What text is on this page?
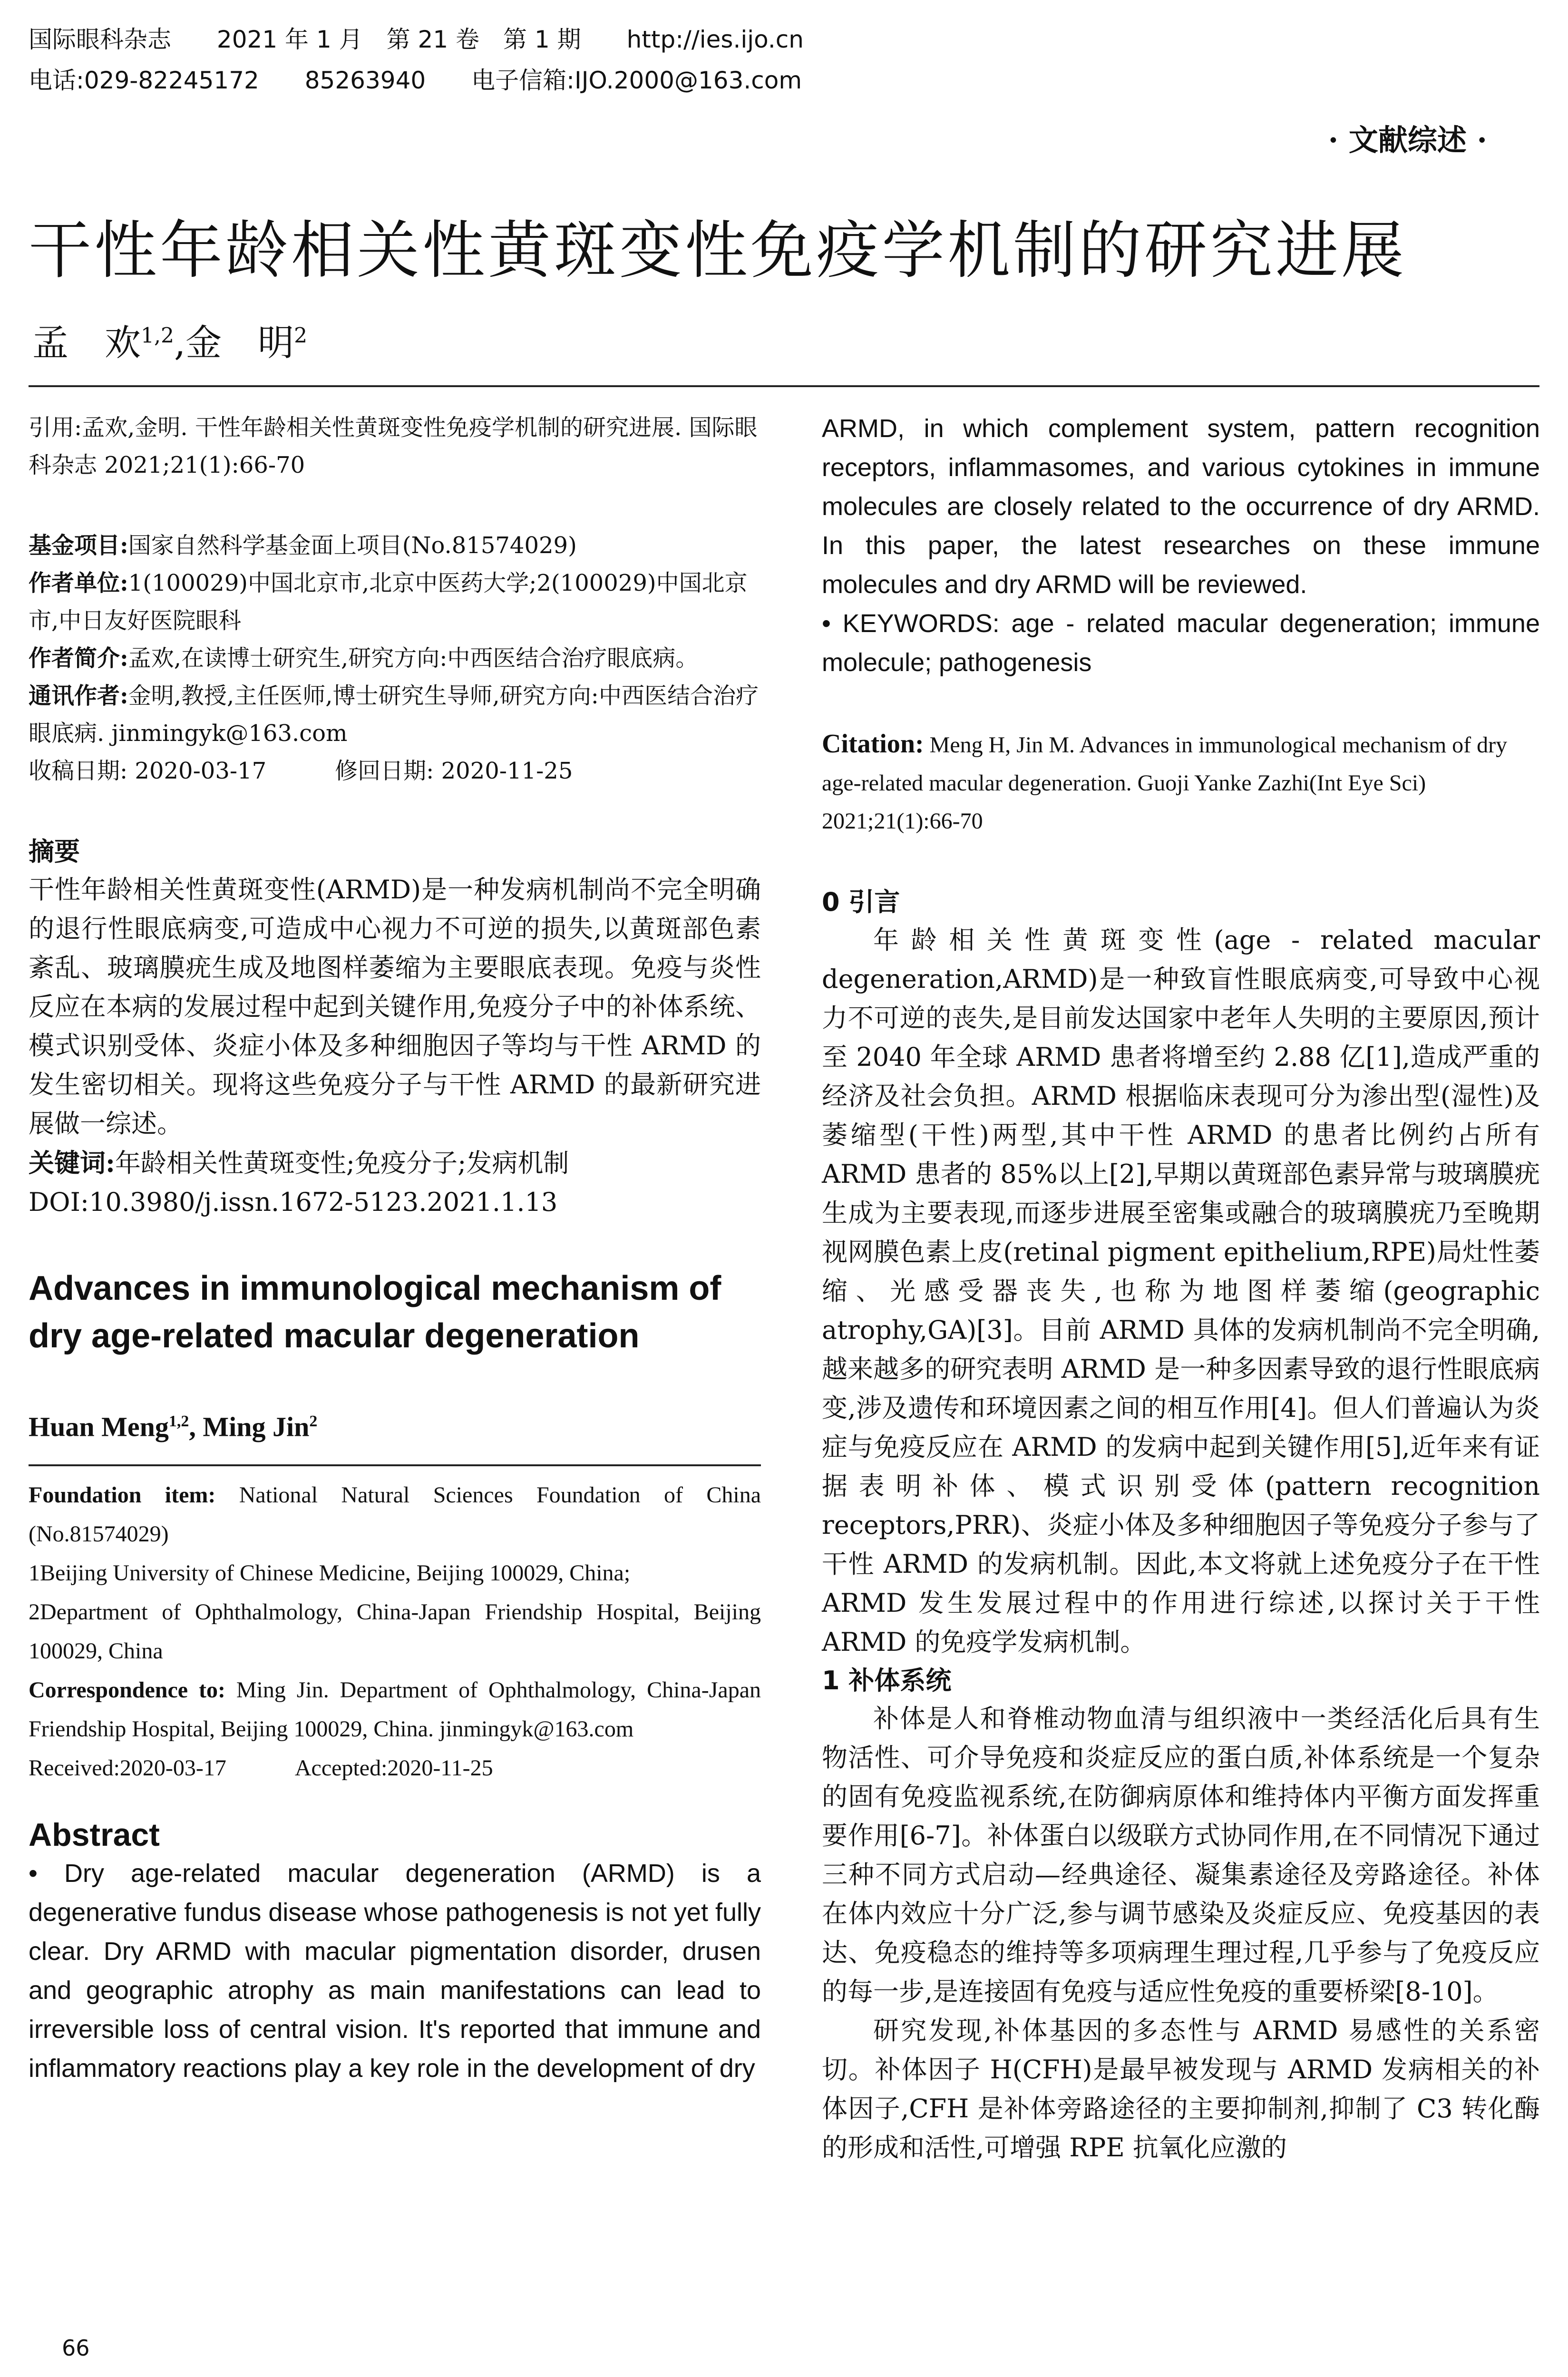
国际眼科杂志 2021 年 1 月　第 21 卷　第 1 期 http://ies.ijo.cn
电话:029-82245172 85263940 电子信箱:IJO.2000@163.com
· 文献综述 ·
干性年龄相关性黄斑变性免疫学机制的研究进展
孟　欢$^{1,2}$,金　明$^2$

引用:孟欢,金明. 干性年龄相关性黄斑变性免疫学机制的研究进展. 国际眼科杂志 2021;21(1):66-70

基金项目:国家自然科学基金面上项目(No.81574029)

作者单位:1(100029)中国北京市,北京中医药大学;2(100029)中国北京市,中日友好医院眼科

作者简介:孟欢,在读博士研究生,研究方向:中西医结合治疗眼底病。

通讯作者:金明,教授,主任医师,博士研究生导师,研究方向:中西医结合治疗眼底病. jinmingyk@163.com

收稿日期: 2020-03-17　　　修回日期: 2020-11-25

摘要

干性年龄相关性黄斑变性(ARMD)是一种发病机制尚不完全明确的退行性眼底病变,可造成中心视力不可逆的损失,以黄斑部色素紊乱、玻璃膜疣生成及地图样萎缩为主要眼底表现。免疫与炎性反应在本病的发展过程中起到关键作用,免疫分子中的补体系统、模式识别受体、炎症小体及多种细胞因子等均与干性 ARMD 的发生密切相关。现将这些免疫分子与干性 ARMD 的最新研究进展做一综述。

关键词:年龄相关性黄斑变性;免疫分子;发病机制

DOI:10.3980/j.issn.1672-5123.2021.1.13

Advances in immunological mechanism of dry age-related macular degeneration

Huan Meng$^{1,2}$, Ming Jin$^2$

Foundation item: National Natural Sciences Foundation of China (No.81574029)

1Beijing University of Chinese Medicine, Beijing 100029, China;

2Department of Ophthalmology, China-Japan Friendship Hospital, Beijing 100029, China

Correspondence to: Ming Jin. Department of Ophthalmology, China-Japan Friendship Hospital, Beijing 100029, China. jinmingyk@163.com

Received:2020-03-17　　　Accepted:2020-11-25

Abstract

• Dry age-related macular degeneration (ARMD) is a degenerative fundus disease whose pathogenesis is not yet fully clear. Dry ARMD with macular pigmentation disorder, drusen and geographic atrophy as main manifestations can lead to irreversible loss of central vision. It's reported that immune and inflammatory reactions play a key role in the development of dry

ARMD, in which complement system, pattern recognition receptors, inflammasomes, and various cytokines in immune molecules are closely related to the occurrence of dry ARMD. In this paper, the latest researches on these immune molecules and dry ARMD will be reviewed.

• KEYWORDS: age - related macular degeneration; immune molecule; pathogenesis

Citation: Meng H, Jin M. Advances in immunological mechanism of dry age-related macular degeneration. Guoji Yanke Zazhi(Int Eye Sci) 2021;21(1):66-70

0 引言

年龄相关性黄斑变性(age - related macular degeneration,ARMD)是一种致盲性眼底病变,可导致中心视力不可逆的丧失,是目前发达国家中老年人失明的主要原因,预计至 2040 年全球 ARMD 患者将增至约 2.88 亿[1],造成严重的经济及社会负担。ARMD 根据临床表现可分为渗出型(湿性)及萎缩型(干性)两型,其中干性 ARMD 的患者比例约占所有 ARMD 患者的 85%以上[2],早期以黄斑部色素异常与玻璃膜疣生成为主要表现,而逐步进展至密集或融合的玻璃膜疣乃至晚期视网膜色素上皮(retinal pigment epithelium,RPE)局灶性萎缩、光感受器丧失,也称为地图样萎缩(geographic atrophy,GA)[3]。目前 ARMD 具体的发病机制尚不完全明确,越来越多的研究表明 ARMD 是一种多因素导致的退行性眼底病变,涉及遗传和环境因素之间的相互作用[4]。但人们普遍认为炎症与免疫反应在 ARMD 的发病中起到关键作用[5],近年来有证据表明补体、模式识别受体(pattern recognition receptors,PRR)、炎症小体及多种细胞因子等免疫分子参与了干性 ARMD 的发病机制。因此,本文将就上述免疫分子在干性 ARMD 发生发展过程中的作用进行综述,以探讨关于干性 ARMD 的免疫学发病机制。

1 补体系统

补体是人和脊椎动物血清与组织液中一类经活化后具有生物活性、可介导免疫和炎症反应的蛋白质,补体系统是一个复杂的固有免疫监视系统,在防御病原体和维持体内平衡方面发挥重要作用[6-7]。补体蛋白以级联方式协同作用,在不同情况下通过三种不同方式启动—经典途径、凝集素途径及旁路途径。补体在体内效应十分广泛,参与调节感染及炎症反应、免疫基因的表达、免疫稳态的维持等多项病理生理过程,几乎参与了免疫反应的每一步,是连接固有免疫与适应性免疫的重要桥梁[8-10]。

研究发现,补体基因的多态性与 ARMD 易感性的关系密切。补体因子 H(CFH)是最早被发现与 ARMD 发病相关的补体因子,CFH 是补体旁路途径的主要抑制剂,抑制了 C3 转化酶的形成和活性,可增强 RPE 抗氧化应激的

66
